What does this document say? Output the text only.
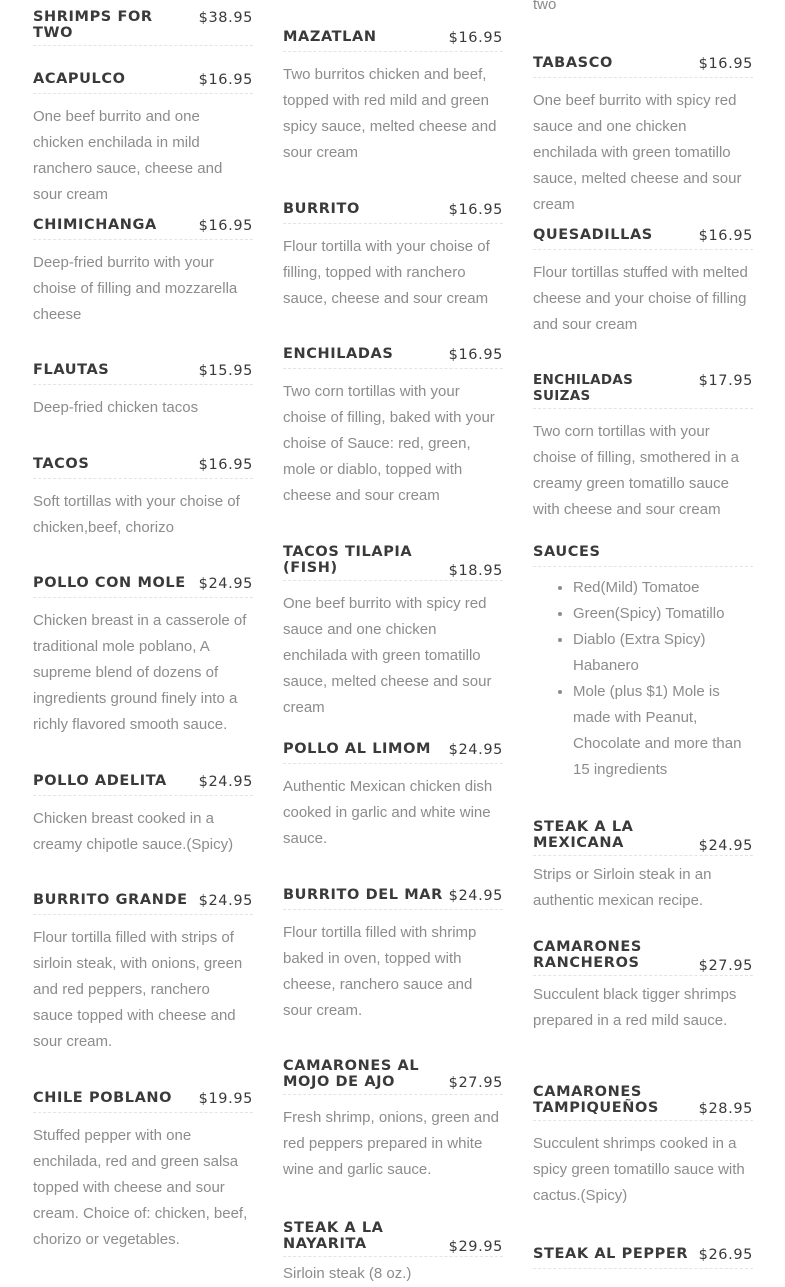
SHRIMPS FOR TWO
$38.95
ACAPULCO	$16.95
One beef burrito and one chicken enchilada in mild ranchero sauce, cheese and sour cream
CHIMICHANGA	$16.95
Deep-fried burrito with your choise of filling and mozzarella cheese
FLAUTAS	$15.95
Deep-fried chicken tacos
TACOS	$16.95
Soft tortillas with your choise of chicken,beef, chorizo
POLLO CON MOLE $24.95
Chicken breast in a casserole of traditional mole poblano, A supreme blend of dozens of ingredients ground finely into a richly flavored smooth sauce.
POLLO ADELITA	$24.95
Chicken breast cooked in a creamy chipotle sauce.(Spicy)
BURRITO GRANDE $24.95
Flour tortilla filled with strips of sirloin steak, with onions, green and red peppers, ranchero sauce topped with cheese and sour cream.
CHILE POBLANO	$19.95
Stuffed pepper with one enchilada, red and green salsa topped with cheese and sour cream. Choice of: chicken, beef, chorizo or vegetables.
MAZATLAN	$16.95
Two burritos chicken and beef, topped with red mild and green spicy sauce, melted cheese and sour cream
BURRITO	$16.95
Flour tortilla with your choise of filling, topped with ranchero sauce, cheese and sour cream
ENCHILADAS	$16.95
Two corn tortillas with your choise of filling, baked with your choise of Sauce: red, green, mole or diablo, topped with cheese and sour cream
TACOS TILAPIA (FISH)	$18.95
One beef burrito with spicy red sauce and one chicken enchilada with green tomatillo sauce, melted cheese and sour cream
POLLO AL LIMOM	$24.95
Authentic Mexican chicken dish cooked in garlic and white wine sauce.
BURRITO DEL MAR $24.95
Flour tortilla filled with shrimp baked in oven, topped with cheese, ranchero sauce and sour cream.
CAMARONES AL MOJO DE AJO	$27.95
Fresh shrimp, onions, green and red peppers prepared in white wine and garlic sauce.
STEAK A LA NAYARITA	$29.95
Sirloin steak (8 oz.)
two
TABASCO	$16.95
One beef burrito with spicy red sauce and one chicken enchilada with green tomatillo sauce, melted cheese and sour cream
QUESADILLAS	$16.95
Flour tortillas stuffed with melted cheese and your choise of filling and sour cream
ENCHILADAS SUIZAS
$17.95
Two corn tortillas with your choise of filling, smothered in a creamy green tomatillo sauce with cheese and sour cream
SAUCES
• Red(Mild) Tomatoe
• Green(Spicy) Tomatillo
• Diablo (Extra Spicy)
Habanero
• Mole (plus $1) Mole is made with Peanut, Chocolate and more than 15 ingredients
STEAK A LA MEXICANA	$24.95
Strips or Sirloin steak in an authentic mexican recipe.
CAMARONES RANCHEROS	$27.95
Succulent black tigger shrimps prepared in a red mild sauce.
CAMARONES TAMPIQUEÑOS	$28.95
Succulent shrimps cooked in a spicy green tomatillo sauce with cactus.(Spicy)
STEAK AL PEPPER $26.95
